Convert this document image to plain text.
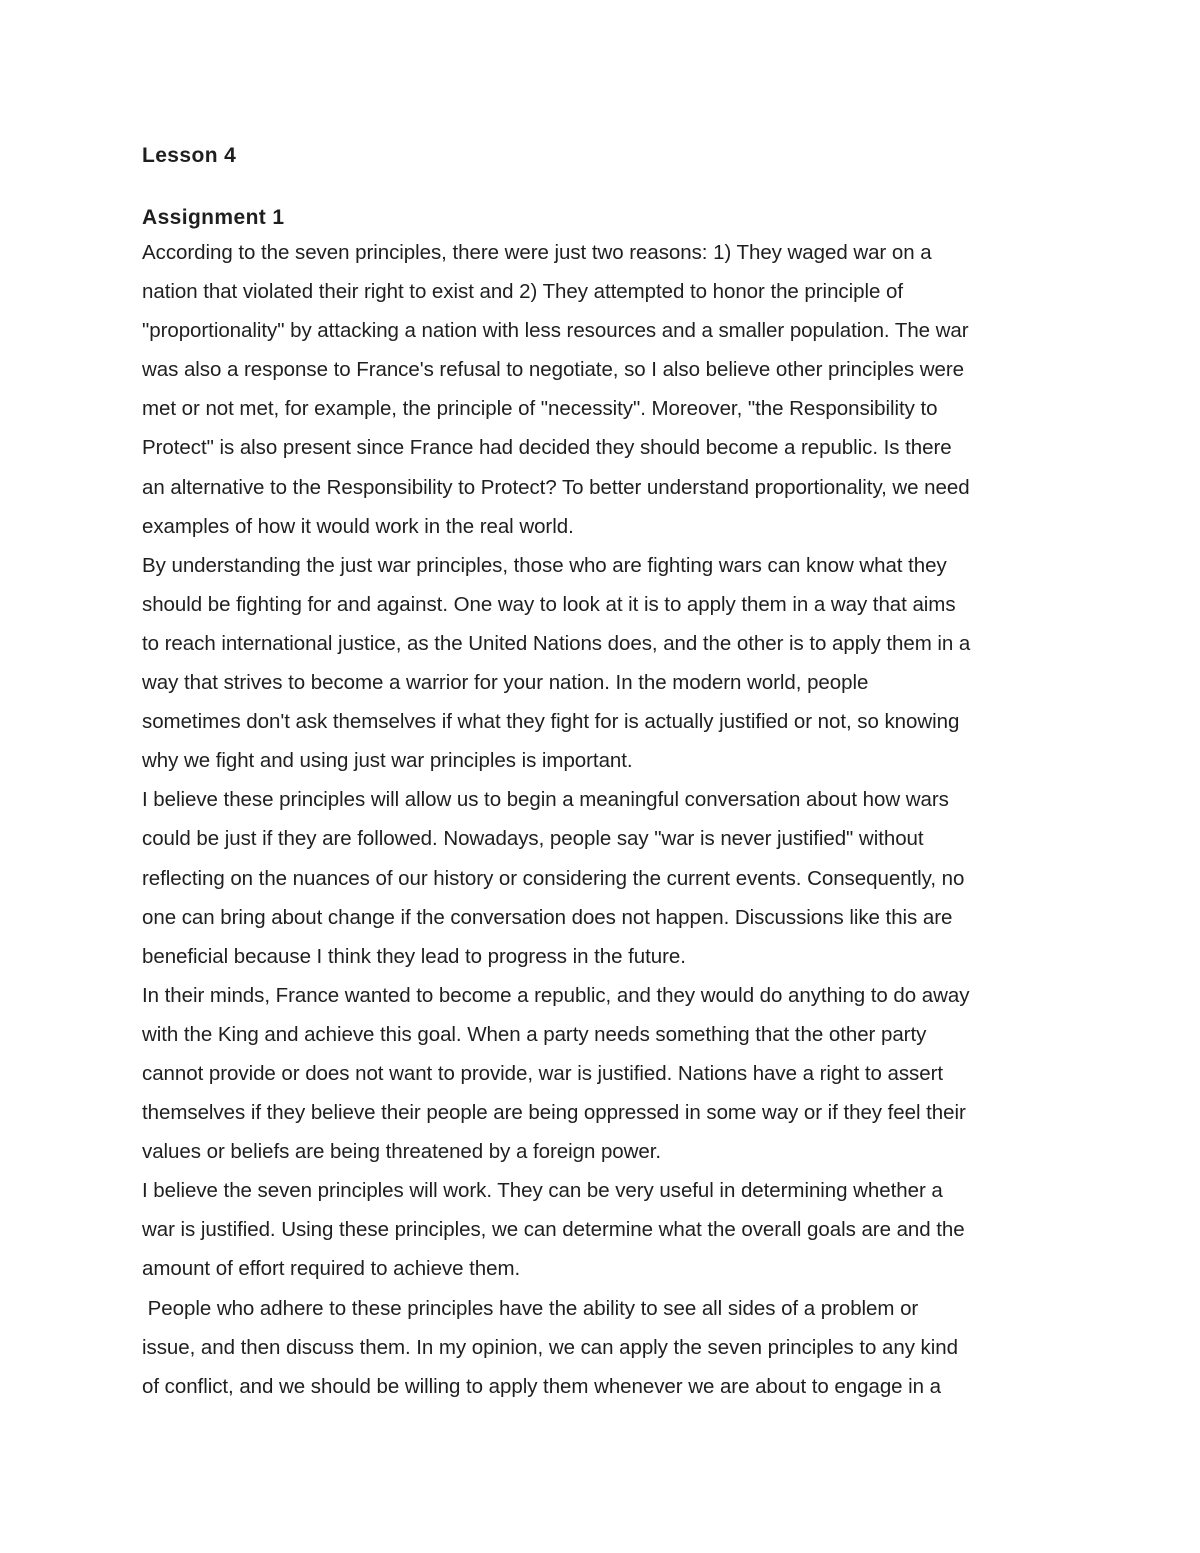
Lesson 4
Assignment 1
According to the seven principles, there were just two reasons: 1) They waged war on a
nation that violated their right to exist and 2) They attempted to honor the principle of
"proportionality" by attacking a nation with less resources and a smaller population. The war
was also a response to France's refusal to negotiate, so I also believe other principles were
met or not met, for example, the principle of "necessity". Moreover, "the Responsibility to
Protect" is also present since France had decided they should become a republic. Is there
an alternative to the Responsibility to Protect? To better understand proportionality, we need
examples of how it would work in the real world.
By understanding the just war principles, those who are fighting wars can know what they
should be fighting for and against. One way to look at it is to apply them in a way that aims
to reach international justice, as the United Nations does, and the other is to apply them in a
way that strives to become a warrior for your nation. In the modern world, people
sometimes don't ask themselves if what they fight for is actually justified or not, so knowing
why we fight and using just war principles is important.
I believe these principles will allow us to begin a meaningful conversation about how wars
could be just if they are followed. Nowadays, people say "war is never justified" without
reflecting on the nuances of our history or considering the current events. Consequently, no
one can bring about change if the conversation does not happen. Discussions like this are
beneficial because I think they lead to progress in the future.
In their minds, France wanted to become a republic, and they would do anything to do away
with the King and achieve this goal. When a party needs something that the other party
cannot provide or does not want to provide, war is justified. Nations have a right to assert
themselves if they believe their people are being oppressed in some way or if they feel their
values or beliefs are being threatened by a foreign power.
I believe the seven principles will work. They can be very useful in determining whether a
war is justified. Using these principles, we can determine what the overall goals are and the
amount of effort required to achieve them.
People who adhere to these principles have the ability to see all sides of a problem or
issue, and then discuss them. In my opinion, we can apply the seven principles to any kind
of conflict, and we should be willing to apply them whenever we are about to engage in a
